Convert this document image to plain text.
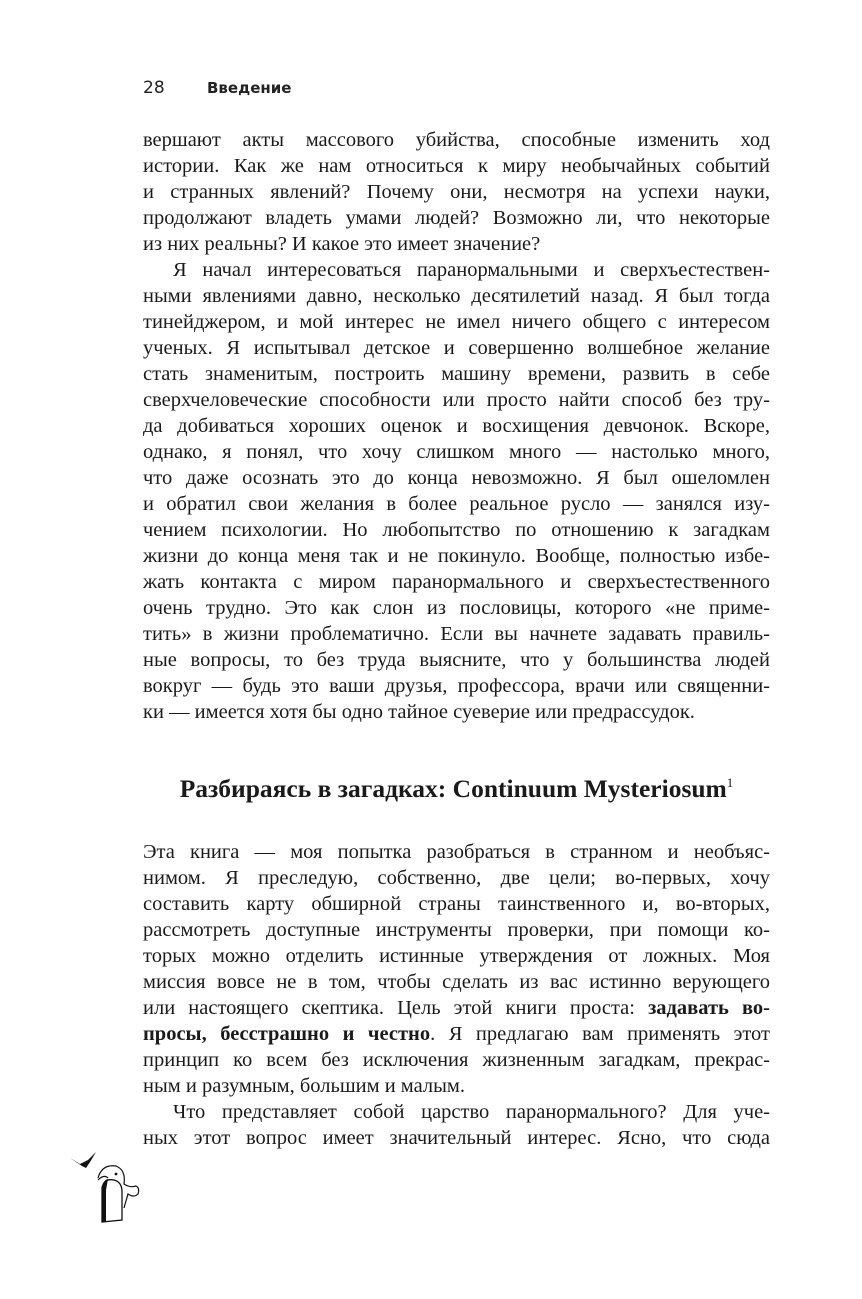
28	Введение
вершают акты массового убийства, способные изменить ход
истории. Как же нам относиться к миру необычайных событий
и странных явлений? Почему они, несмотря на успехи науки,
продолжают владеть умами людей? Возможно ли, что некоторые
из них реальны? И какое это имеет значение?
Я начал интересоваться паранормальными и сверхъестествен-
ными явлениями давно, несколько десятилетий назад. Я был тогда
тинейджером, и мой интерес не имел ничего общего с интересом
ученых. Я испытывал детское и совершенно волшебное желание
стать знаменитым, построить машину времени, развить в себе
сверхчеловеческие способности или просто найти способ без тру-
да добиваться хороших оценок и восхищения девчонок. Вскоре,
однако, я понял, что хочу слишком много — настолько много,
что даже осознать это до конца невозможно. Я был ошеломлен
и обратил свои желания в более реальное русло — занялся изу-
чением психологии. Но любопытство по отношению к загадкам
жизни до конца меня так и не покинуло. Вообще, полностью избе-
жать контакта с миром паранормального и сверхъестественного
очень трудно. Это как слон из пословицы, которого «не приме-
тить» в жизни проблематично. Если вы начнете задавать правиль-
ные вопросы, то без труда выясните, что у большинства людей
вокруг — будь это ваши друзья, профессора, врачи или священни-
ки — имеется хотя бы одно тайное суеверие или предрассудок.
Разбираясь в загадках: Continuum Mysteriosum$^1$
Эта книга — моя попытка разобраться в странном и необъяс-
нимом. Я преследую, собственно, две цели; во-первых, хочу
составить карту обширной страны таинственного и, во-вторых,
рассмотреть доступные инструменты проверки, при помощи ко-
торых можно отделить истинные утверждения от ложных. Моя
миссия вовсе не в том, чтобы сделать из вас истинно верующего
или настоящего скептика. Цель этой книги проста: задавать во-
просы, бесстрашно и честно. Я предлагаю вам применять этот
принцип ко всем без исключения жизненным загадкам, прекрас-
ным и разумным, большим и малым.
Что представляет собой царство паранормального? Для уче-
ных этот вопрос имеет значительный интерес. Ясно, что сюда
